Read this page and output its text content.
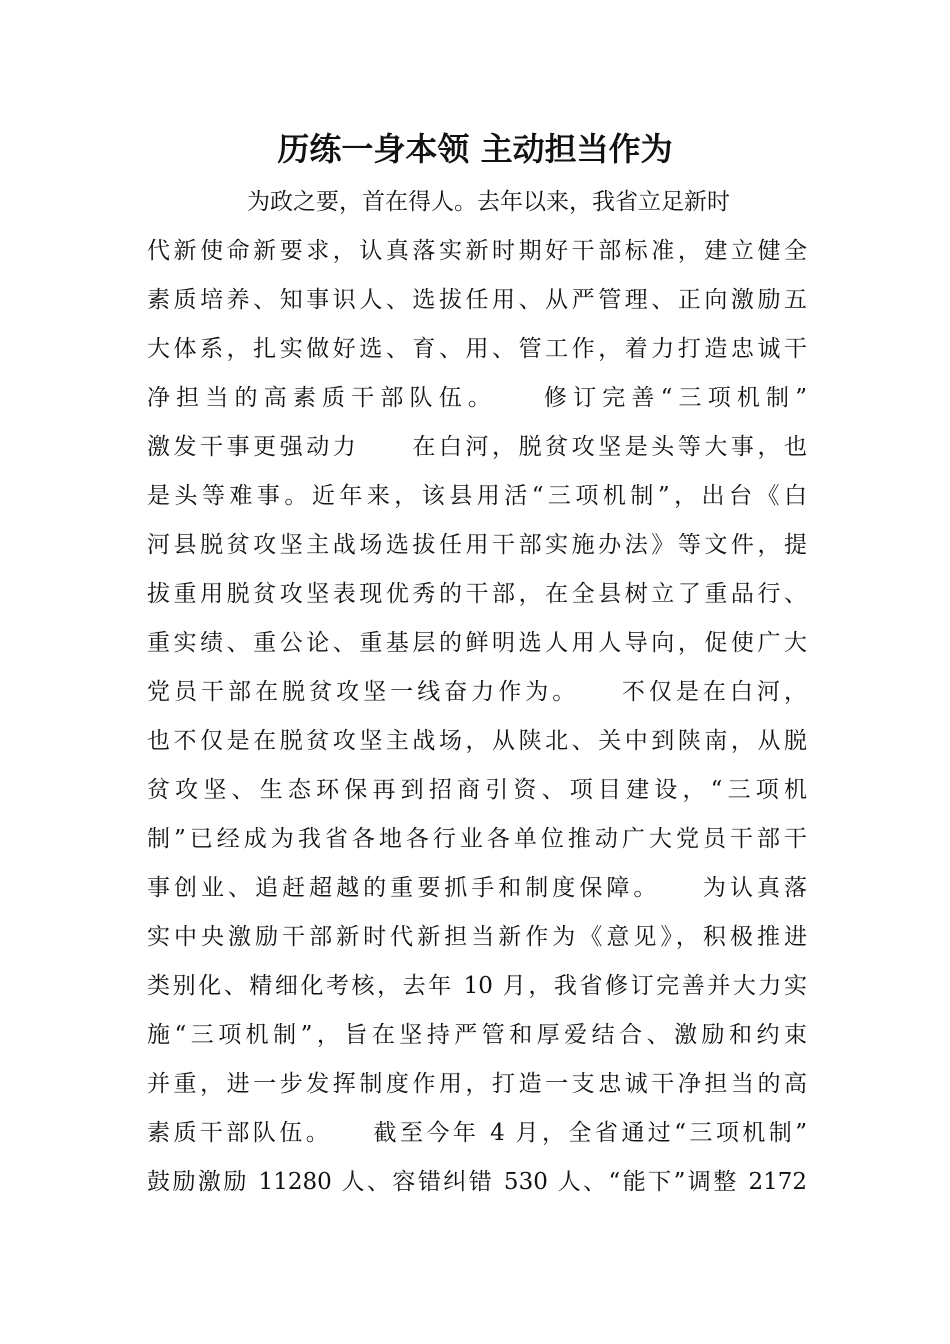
历练一身本领 主动担当作为
为政之要，首在得人。去年以来，我省立足新时
代新使命新要求，认真落实新时期好干部标准，建立健全
素质培养、知事识人、选拔任用、从严管理、正向激励五
大体系，扎实做好选、育、用、管工作，着力打造忠诚干
净担当的高素质干部队伍。　　修订完善“三项机制”
激发干事更强动力　　在白河，脱贫攻坚是头等大事，也
是头等难事。近年来，该县用活“三项机制”，出台《白
河县脱贫攻坚主战场选拔任用干部实施办法》等文件，提
拔重用脱贫攻坚表现优秀的干部，在全县树立了重品行、
重实绩、重公论、重基层的鲜明选人用人导向，促使广大
党员干部在脱贫攻坚一线奋力作为。　　不仅是在白河，
也不仅是在脱贫攻坚主战场，从陕北、关中到陕南，从脱
贫攻坚、生态环保再到招商引资、项目建设，“三项机
制”已经成为我省各地各行业各单位推动广大党员干部干
事创业、追赶超越的重要抓手和制度保障。　　为认真落
实中央激励干部新时代新担当新作为《意见》，积极推进
类别化、精细化考核，去年 10 月，我省修订完善并大力实
施“三项机制”，旨在坚持严管和厚爱结合、激励和约束
并重，进一步发挥制度作用，打造一支忠诚干净担当的高
素质干部队伍。　　截至今年 4 月，全省通过“三项机制”
鼓励激励 11280 人、容错纠错 530 人、“能下”调整 2172
